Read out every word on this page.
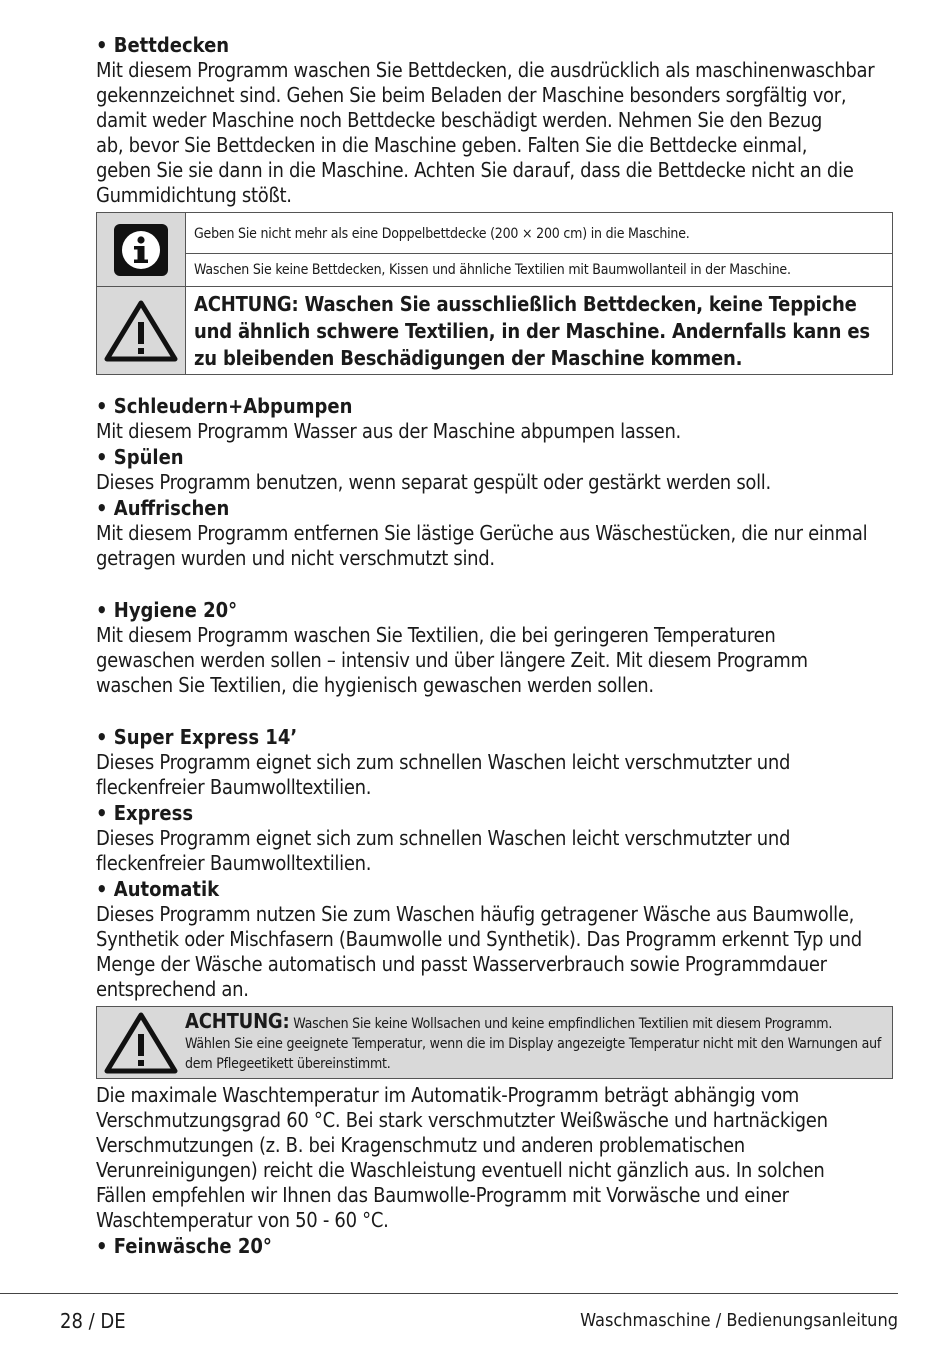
• Bettdecken

Mit diesem Programm waschen Sie Bettdecken, die ausdrücklich als maschinenwaschbar

gekennzeichnet sind. Gehen Sie beim Beladen der Maschine besonders sorgfältig vor,

damit weder Maschine noch Bettdecke beschädigt werden. Nehmen Sie den Bezug

ab, bevor Sie Bettdecken in die Maschine geben. Falten Sie die Bettdecke einmal,

geben Sie sie dann in die Maschine. Achten Sie darauf, dass die Bettdecke nicht an die

Gummidichtung stößt.

Geben Sie nicht mehr als eine Doppelbettdecke (200 × 200 cm) in die Maschine.
Waschen Sie keine Bettdecken, Kissen und ähnliche Textilien mit Baumwollanteil in der Maschine.
ACHTUNG: Waschen Sie ausschließlich Bettdecken, keine Teppiche und ähnlich schwere Textilien, in der Maschine. Andernfalls kann es zu bleibenden Beschädigungen der Maschine kommen.

• Schleudern+Abpumpen

Mit diesem Programm Wasser aus der Maschine abpumpen lassen.

• Spülen

Dieses Programm benutzen, wenn separat gespült oder gestärkt werden soll.

• Auffrischen

Mit diesem Programm entfernen Sie lästige Gerüche aus Wäschestücken, die nur einmal

getragen wurden und nicht verschmutzt sind.

• Hygiene 20°

Mit diesem Programm waschen Sie Textilien, die bei geringeren Temperaturen

gewaschen werden sollen – intensiv und über längere Zeit. Mit diesem Programm

waschen Sie Textilien, die hygienisch gewaschen werden sollen.

• Super Express 14’

Dieses Programm eignet sich zum schnellen Waschen leicht verschmutzter und

fleckenfreier Baumwolltextilien.

• Express

Dieses Programm eignet sich zum schnellen Waschen leicht verschmutzter und

fleckenfreier Baumwolltextilien.

• Automatik

Dieses Programm nutzen Sie zum Waschen häufig getragener Wäsche aus Baumwolle,

Synthetik oder Mischfasern (Baumwolle und Synthetik). Das Programm erkennt Typ und

Menge der Wäsche automatisch und passt Wasserverbrauch sowie Programmdauer

entsprechend an.

ACHTUNG: Waschen Sie keine Wollsachen und keine empfindlichen Textilien mit diesem Programm.
Wählen Sie eine geeignete Temperatur, wenn die im Display angezeigte Temperatur nicht mit den Warnungen auf dem Pflegeetikett übereinstimmt.

Die maximale Waschtemperatur im Automatik-Programm beträgt abhängig vom

Verschmutzungsgrad 60 °C. Bei stark verschmutzter Weißwäsche und hartnäckigen

Verschmutzungen (z. B. bei Kragenschmutz und anderen problematischen

Verunreinigungen) reicht die Waschleistung eventuell nicht gänzlich aus. In solchen

Fällen empfehlen wir Ihnen das Baumwolle-Programm mit Vorwäsche und einer

Waschtemperatur von 50 - 60 °C.

• Feinwäsche 20°

28 / DE	Waschmaschine / Bedienungsanleitung
